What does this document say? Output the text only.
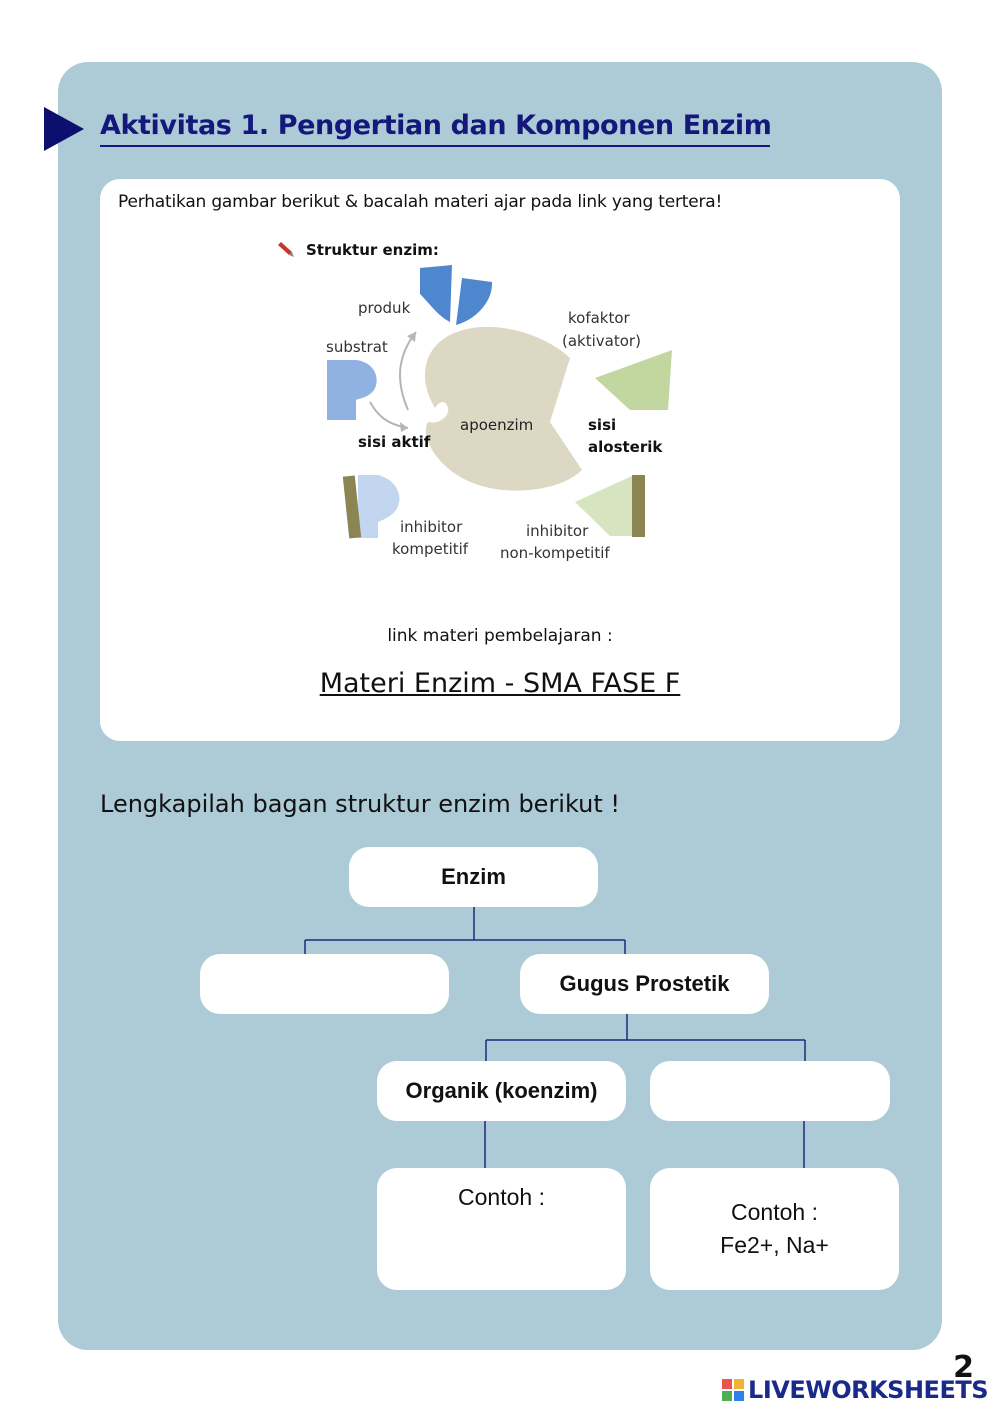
Aktivitas 1. Pengertian dan Komponen Enzim

Perhatikan gambar berikut & bacalah materi ajar pada link yang tertera!

Struktur enzim:
apoenzim
produk
substrat
sisi aktif
kofaktor
(aktivator)
sisi
alosterik
inhibitor
kompetitif
inhibitor
non-kompetitif
link materi pembelajaran :
Materi Enzim - SMA FASE F

Lengkapilah bagan struktur enzim berikut !

Enzim
Gugus Prostetik
Organik (koenzim)
Contoh :
Contoh :
Fe2+, Na+
2
LIVEWORKSHEETS
